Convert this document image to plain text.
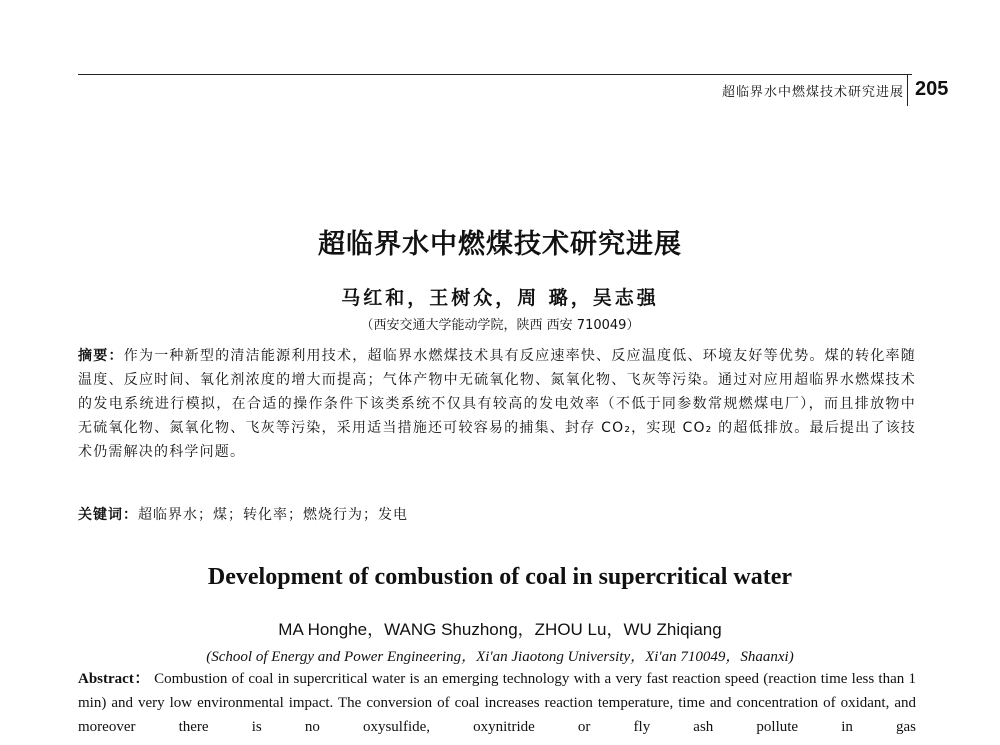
超临界水中燃煤技术研究进展 205
超临界水中燃煤技术研究进展
马红和，王树众，周 璐，吴志强
（西安交通大学能动学院，陕西 西安 710049）
摘要：作为一种新型的清洁能源利用技术，超临界水燃煤技术具有反应速率快、反应温度低、环境友好等优势。煤的转化率随温度、反应时间、氧化剂浓度的增大而提高；气体产物中无硫氧化物、氮氧化物、飞灰等污染。通过对应用超临界水燃煤技术的发电系统进行模拟，在合适的操作条件下该类系统不仅具有较高的发电效率（不低于同参数常规燃煤电厂），而且排放物中无硫氧化物、氮氧化物、飞灰等污染，采用适当措施还可较容易的捕集、封存 CO₂，实现 CO₂ 的超低排放。最后提出了该技术仍需解决的科学问题。
关键词：超临界水；煤；转化率；燃烧行为；发电
Development of combustion of coal in supercritical water
MA Honghe，WANG Shuzhong，ZHOU Lu，WU Zhiqiang
(School of Energy and Power Engineering，Xi'an Jiaotong University，Xi'an 710049，Shaanxi)
Abstract： Combustion of coal in supercritical water is an emerging technology with a very fast reaction speed (reaction time less than 1 min) and very low environmental impact. The conversion of coal increases reaction temperature, time and concentration of oxidant, and moreover there is no oxysulfide, oxynitride or fly ash pollute in gas
